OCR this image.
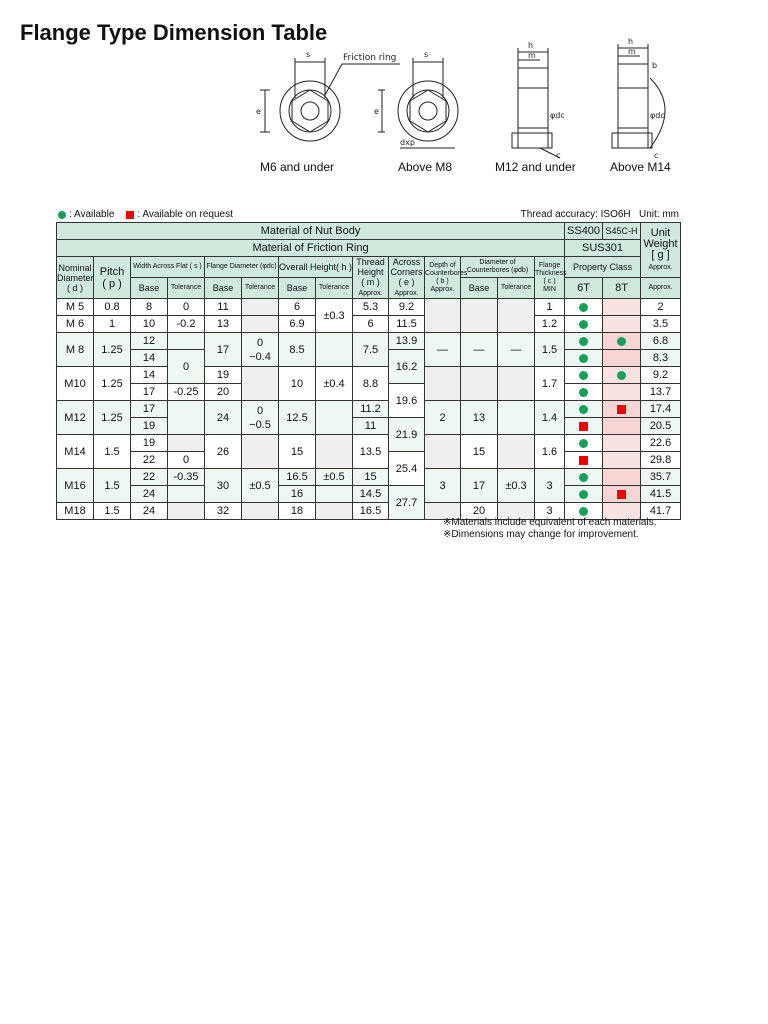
Flange Type Dimension Table
s	s
e	e
dxp
Friction ring
h
m
h
m
c	c
b
φdc	φdc
M6 and under	Above M8	M12 and under	Above M14
: Available : Available on request	Thread accuracy: ISO6H Unit: mm
Material of Nut Body														SS400	S45C-H	Unit Weight
[ g ]
Approx.
Material of Friction Ring														SUS301		
Nominal Diameter
( d )	Pitch
( p )	Width Across Flat ( s )		Flange Diameter (φdc)		Overall Height( h )		Thread Height
( m )
Approx.	Across Corners
( e )
Approx.	Depth of Counterbores
( b )
Approx.	Diameter of Counterbores (φdb)		Flange Thickness
( c )
MIN	Property Class		
		Base	Tolerance	Base	Tolerance	Base	Tolerance				Base	Tolerance		6T	8T	Approx.
M 5	0.8	8	0	11		6	±0.3	5.3	9.2				1			2
M 6	1	10	-0.2	13		6.9		6	11.5				1.2			3.5
M 8	1.25	12		17	0
−0.4	8.5		7.5	13.9	—	—	—	1.5			6.8
		14	0						16.2							8.3
M10	1.25	14		19		10	±0.4	8.8					1.7			9.2
		17	-0.25	20					19.6							13.7
M12	1.25	17		24	0
−0.5	12.5		11.2		2	13		1.4			17.4
		19						11	21.9							20.5
M14	1.5	19		26		15		13.5			15		1.6			22.6
		22	0						25.4							29.8
M16	1.5	22	-0.35	30	±0.5	16.5	±0.5	15		3	17	±0.3	3			35.7
		24				16		14.5	27.7							41.5
M18	1.5	24		32		18		16.5			20		3			41.7
※Materials include equivalent of each materials.
※Dimensions may change for improvement.
